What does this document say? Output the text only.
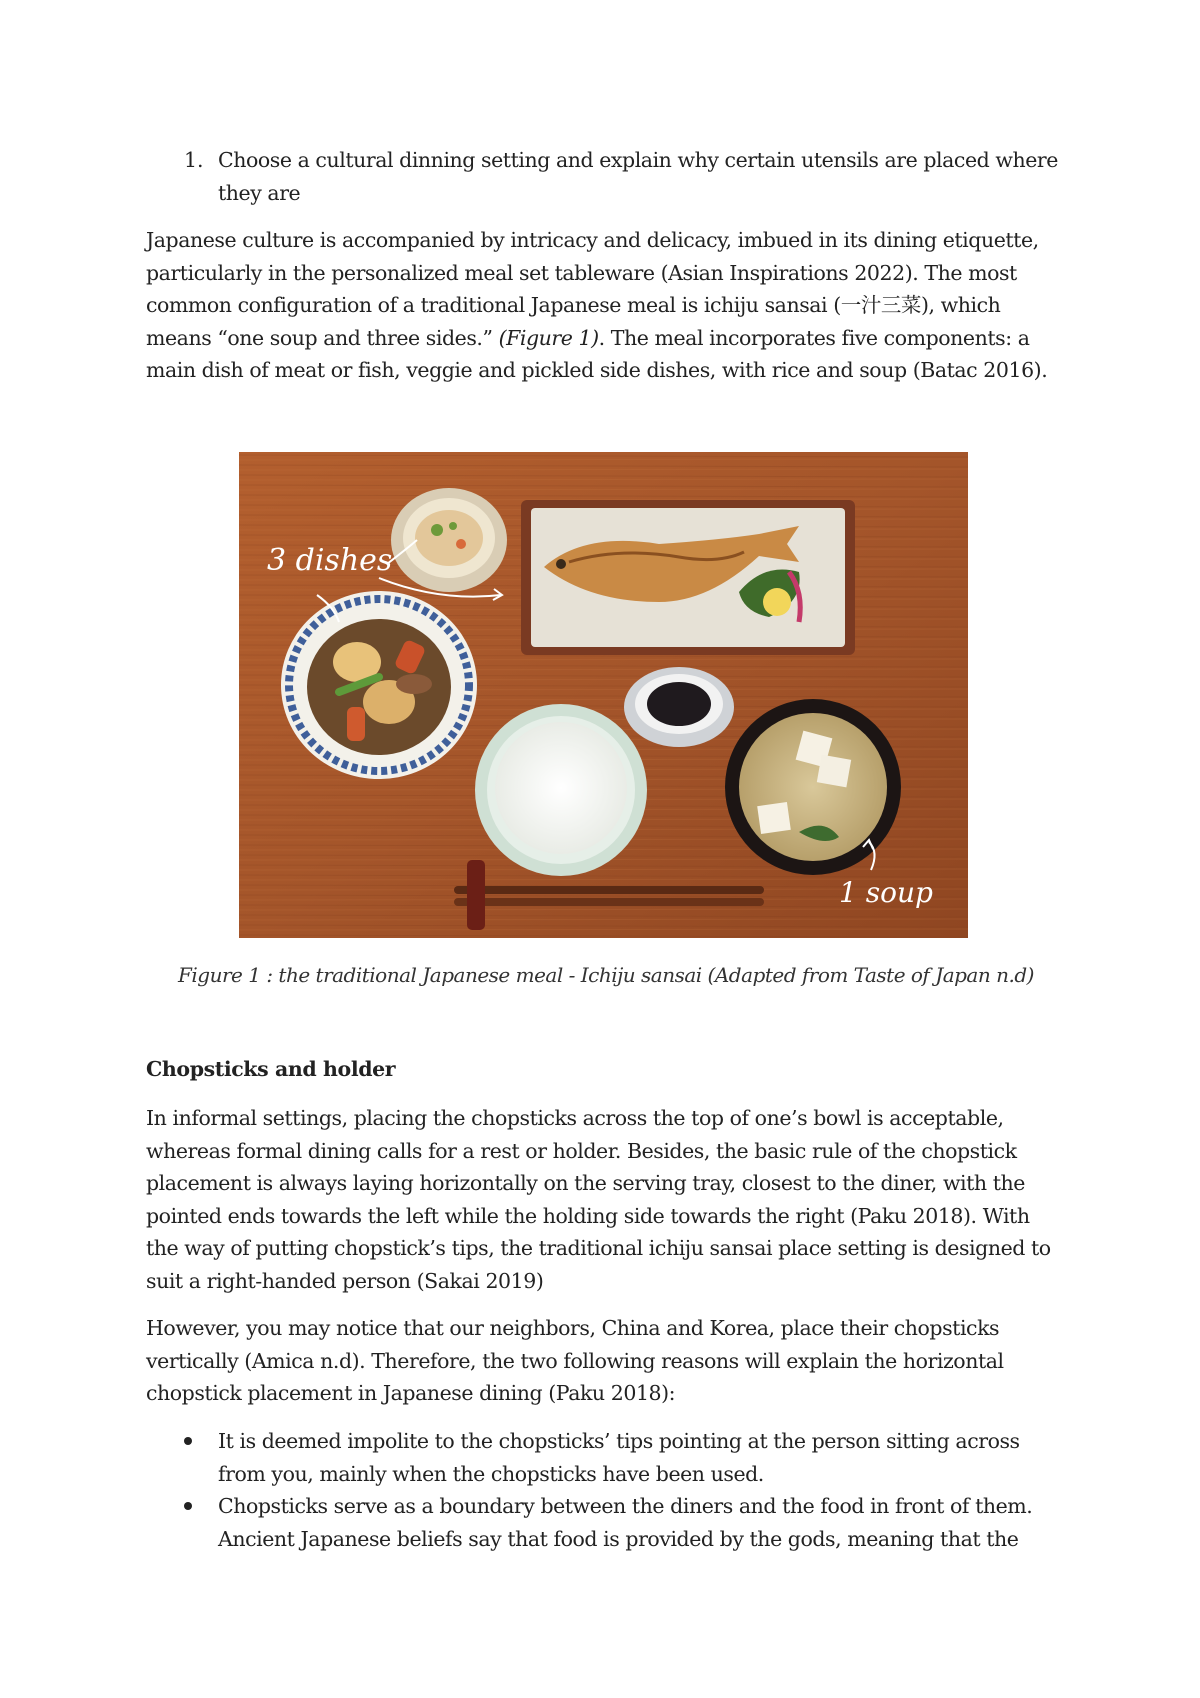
1. Choose a cultural dinning setting and explain why certain utensils are placed where they are

Japanese culture is accompanied by intricacy and delicacy, imbued in its dining etiquette, particularly in the personalized meal set tableware (Asian Inspirations 2022). The most common configuration of a traditional Japanese meal is ichiju sansai (一汁三菜), which means “one soup and three sides.” (Figure 1). The meal incorporates five components: a main dish of meat or fish, veggie and pickled side dishes, with rice and soup (Batac 2016).

3 dishes
1 soup
Figure 1 : the traditional Japanese meal - Ichiju sansai (Adapted from Taste of Japan n.d)
Chopsticks and holder

In informal settings, placing the chopsticks across the top of one’s bowl is acceptable, whereas formal dining calls for a rest or holder. Besides, the basic rule of the chopstick placement is always laying horizontally on the serving tray, closest to the diner, with the pointed ends towards the left while the holding side towards the right (Paku 2018). With the way of putting chopstick’s tips, the traditional ichiju sansai place setting is designed to suit a right-handed person (Sakai 2019)

However, you may notice that our neighbors, China and Korea, place their chopsticks vertically (Amica n.d). Therefore, the two following reasons will explain the horizontal chopstick placement in Japanese dining (Paku 2018):

It is deemed impolite to the chopsticks’ tips pointing at the person sitting across from you, mainly when the chopsticks have been used.
Chopsticks serve as a boundary between the diners and the food in front of them. Ancient Japanese beliefs say that food is provided by the gods, meaning that the
